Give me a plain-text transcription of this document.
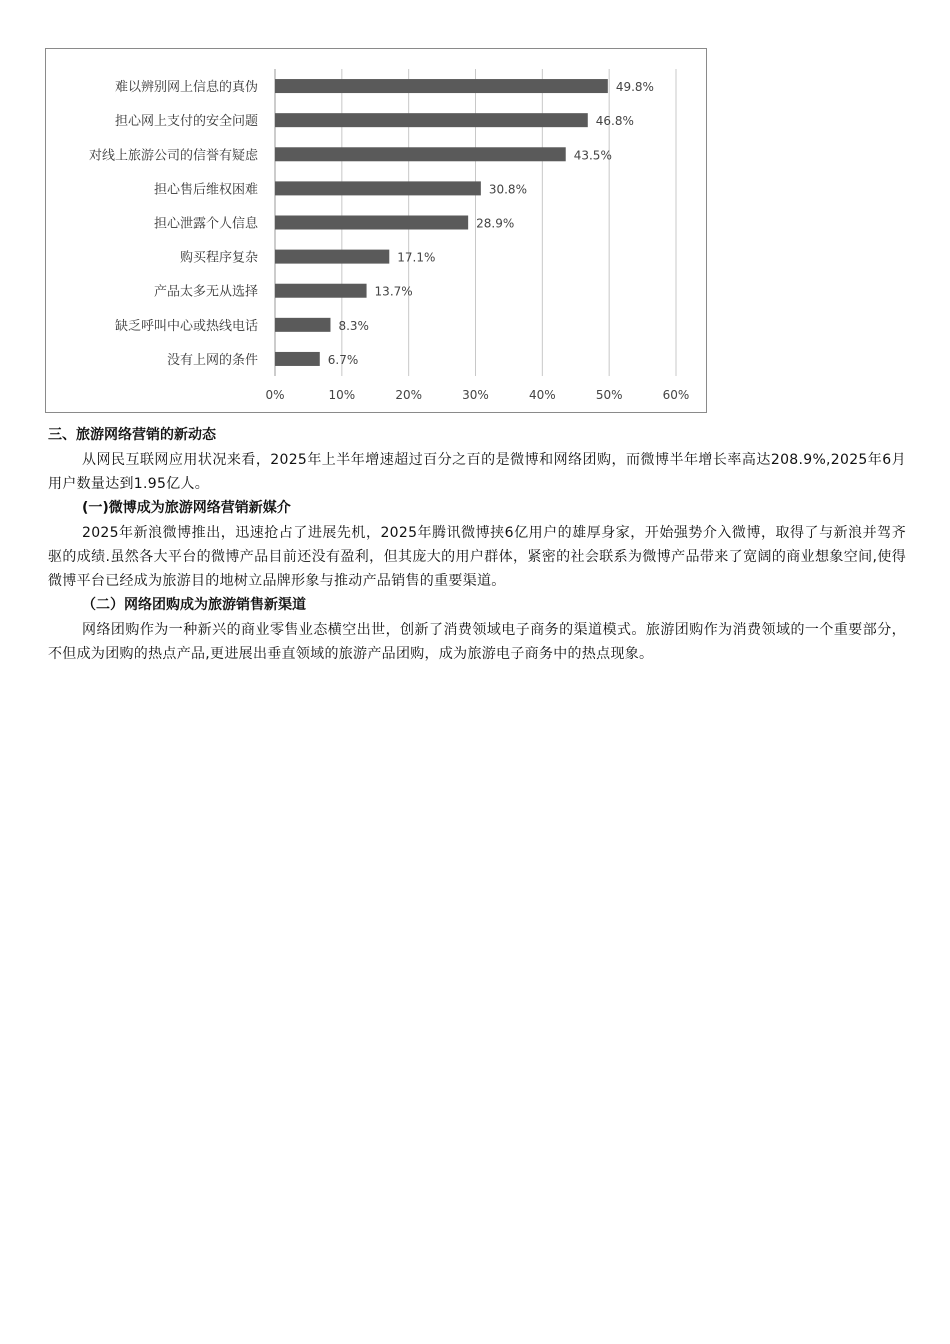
0%	10%	20%	30%	40%	50%	60%
难以辨别网上信息的真伪	49.8%
担心网上支付的安全问题	46.8%
对线上旅游公司的信誉有疑虑	43.5%
担心售后维权困难	30.8%
担心泄露个人信息	28.9%
购买程序复杂	17.1%
产品太多无从选择	13.7%
缺乏呼叫中心或热线电话	8.3%
没有上网的条件	6.7%

三、旅游网络营销的新动态

从网民互联网应用状况来看，2025年上半年增速超过百分之百的是微博和网络团购，而微博半年增长率高达208.9%,2025年6月用户数量达到1.95亿人。

(一)微博成为旅游网络营销新媒介

2025年新浪微博推出，迅速抢占了进展先机，2025年腾讯微博挟6亿用户的雄厚身家，开始强势介入微博，取得了与新浪并驾齐驱的成绩.虽然各大平台的微博产品目前还没有盈利，但其庞大的用户群体，紧密的社会联系为微博产品带来了宽阔的商业想象空间,使得微博平台已经成为旅游目的地树立品牌形象与推动产品销售的重要渠道。

（二）网络团购成为旅游销售新渠道

网络团购作为一种新兴的商业零售业态横空出世，创新了消费领域电子商务的渠道模式。旅游团购作为消费领域的一个重要部分，不但成为团购的热点产品,更进展出垂直领域的旅游产品团购，成为旅游电子商务中的热点现象。
